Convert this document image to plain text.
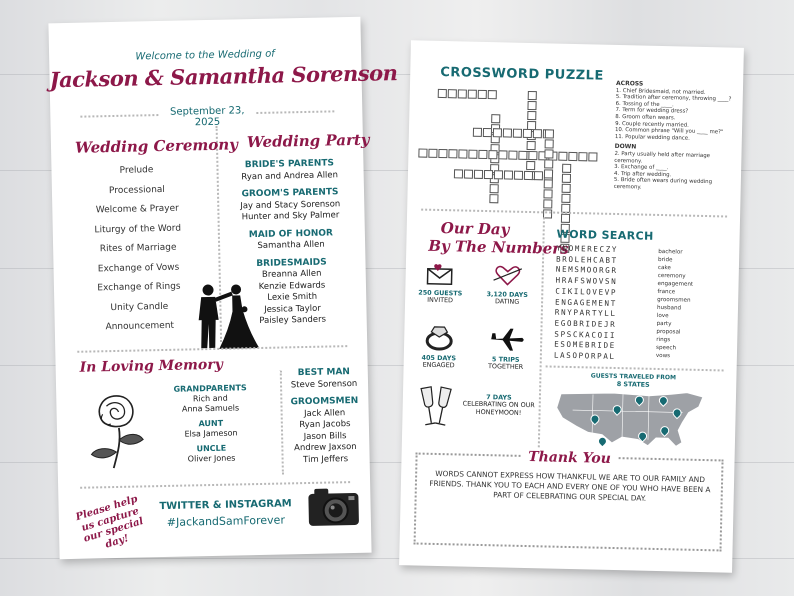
Welcome to the Wedding of
Jackson & Samantha Sorenson
September 23, 2025
Wedding Ceremony
Prelude
Processional
Welcome & Prayer
Liturgy of the Word
Rites of Marriage
Exchange of Vows
Exchange of Rings
Unity Candle
Announcement
Wedding Party
BRIDE'S PARENTS
Ryan and Andrea Allen
GROOM'S PARENTS
Jay and Stacy Sorenson
Hunter and Sky Palmer
MAID OF HONOR
Samantha Allen
BRIDESMAIDS
Breanna Allen
Kenzie Edwards
Lexie Smith
Jessica Taylor
Paisley Sanders
In Loving Memory
GRANDPARENTS
Rich and
Anna Samuels
AUNT
Elsa Jameson
UNCLE
Oliver Jones
BEST MAN
Steve Sorenson
GROOMSMEN
Jack Allen
Ryan Jacobs
Jason Bills
Andrew Jaxson
Tim Jeffers
Please help us capture our special day!
TWITTER & INSTAGRAM
#JackandSamForever
CROSSWORD PUZZLE
ACROSS
1. Chief Bridesmaid, not married.
5. Tradition after ceremony, throwing ____?
6. Tossing of the ____.
7. Term for wedding dress?
8. Groom often wears.
9. Couple recently married.
10. Common phrase "Will you ____ me?"
11. Popular wedding dance.
DOWN
2. Party usually held after marriage ceremony.
3. Exchange of ____.
4. Trip after wedding.
5. Bride often wears during wedding ceremony.
Our Day
By The Numbers
250 GUESTS
INVITED
3,120 DAYS
DATING
405 DAYS
ENGAGED
5 TRIPS
TOGETHER
7 DAYS
CELEBRATING ON OUR HONEYMOON!
WORD SEARCH
YNOMERECZY
BROLEHCABT
NEMSMOORGR
HRAFSWOVSN
CIKILOVEVP
ENGAGEMENT
RNYPARTYLL
EGOBRIDEJR
SPSCKACOII
ESOMEBRIDE
LASOPORPAL
bachelor
bride
cake
ceremony
engagement
france
groomsmen
husband
love
party
proposal
rings
speech
vows
GUESTS TRAVELED FROM
8 STATES
Thank You
WORDS CANNOT EXPRESS HOW THANKFUL WE ARE TO OUR FAMILY AND FRIENDS. THANK YOU TO EACH AND EVERY ONE OF YOU WHO HAVE BEEN A PART OF CELEBRATING OUR SPECIAL DAY.
